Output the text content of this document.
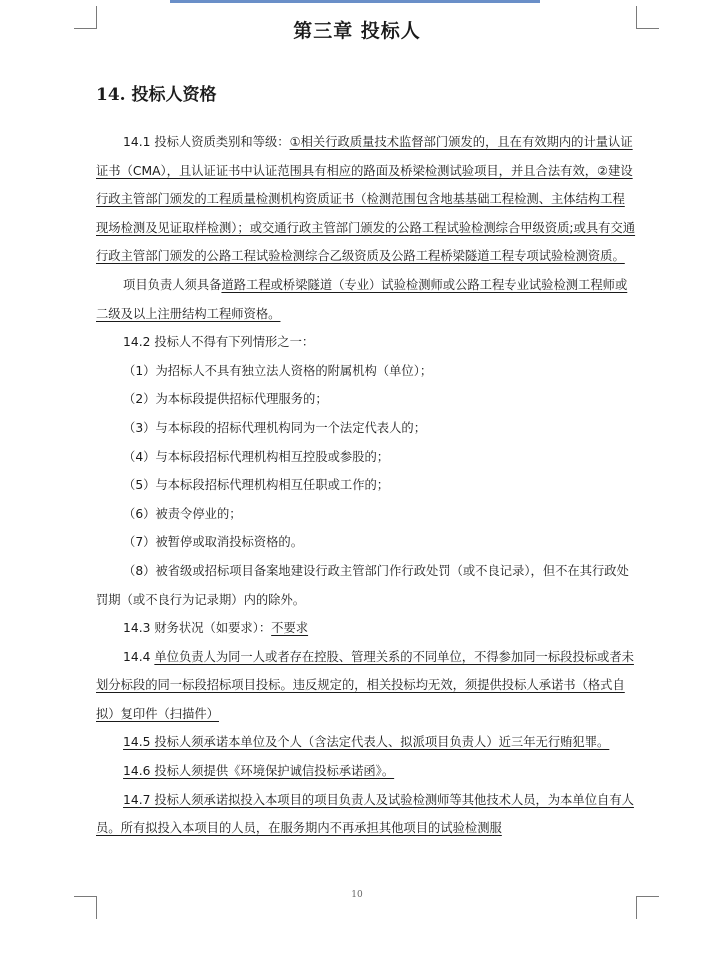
第三章 投标人
14. 投标人资格

14.1 投标人资质类别和等级：①相关行政质量技术监督部门颁发的，且在有效期内的计量认证证书（CMA），且认证证书中认证范围具有相应的路面及桥梁检测试验项目，并且合法有效，②建设行政主管部门颁发的工程质量检测机构资质证书（检测范围包含地基基础工程检测、主体结构工程现场检测及见证取样检测）；或交通行政主管部门颁发的公路工程试验检测综合甲级资质;或具有交通行政主管部门颁发的公路工程试验检测综合乙级资质及公路工程桥梁隧道工程专项试验检测资质。

项目负责人须具备道路工程或桥梁隧道（专业）试验检测师或公路工程专业试验检测工程师或二级及以上注册结构工程师资格。

14.2 投标人不得有下列情形之一：

（1）为招标人不具有独立法人资格的附属机构（单位）；

（2）为本标段提供招标代理服务的；

（3）与本标段的招标代理机构同为一个法定代表人的；

（4）与本标段招标代理机构相互控股或参股的；

（5）与本标段招标代理机构相互任职或工作的；

（6）被责令停业的；

（7）被暂停或取消投标资格的。

（8）被省级或招标项目备案地建设行政主管部门作行政处罚（或不良记录），但不在其行政处罚期（或不良行为记录期）内的除外。

14.3 财务状况（如要求）：不要求

14.4 单位负责人为同一人或者存在控股、管理关系的不同单位，不得参加同一标段投标或者未划分标段的同一标段招标项目投标。违反规定的，相关投标均无效，须提供投标人承诺书（格式自拟）复印件（扫描件）

14.5 投标人须承诺本单位及个人（含法定代表人、拟派项目负责人）近三年无行贿犯罪。

14.6 投标人须提供《环境保护诚信投标承诺函》。

14.7 投标人须承诺拟投入本项目的项目负责人及试验检测师等其他技术人员，为本单位自有人员。所有拟投入本项目的人员，在服务期内不再承担其他项目的试验检测服

10
